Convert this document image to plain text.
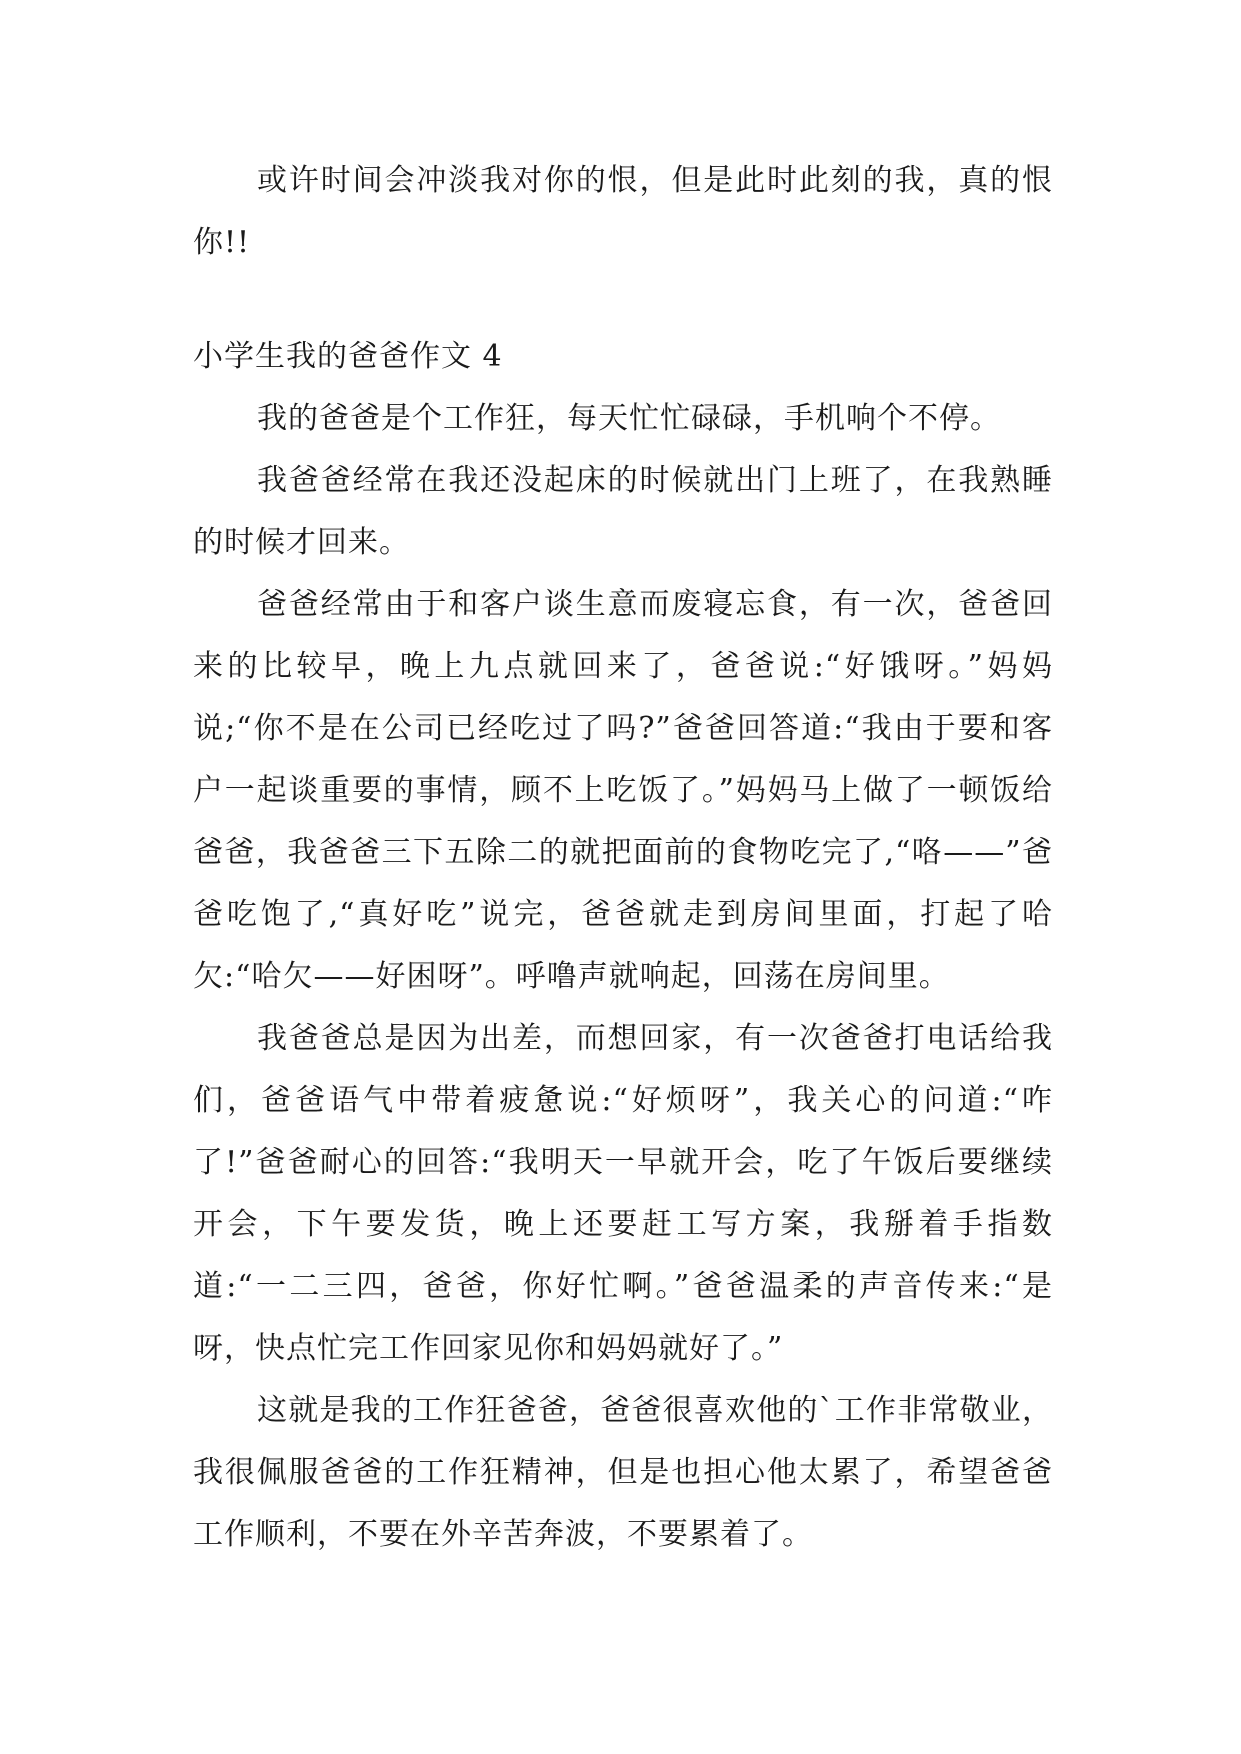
或许时间会冲淡我对你的恨，但是此时此刻的我，真的恨你!!

小学生我的爸爸作文 4

我的爸爸是个工作狂，每天忙忙碌碌，手机响个不停。

我爸爸经常在我还没起床的时候就出门上班了，在我熟睡的时候才回来。

爸爸经常由于和客户谈生意而废寝忘食，有一次，爸爸回来的比较早，晚上九点就回来了，爸爸说:“好饿呀。”妈妈说;“你不是在公司已经吃过了吗?”爸爸回答道:“我由于要和客户一起谈重要的事情，顾不上吃饭了。”妈妈马上做了一顿饭给爸爸，我爸爸三下五除二的就把面前的食物吃完了,“咯——”爸爸吃饱了,“真好吃”说完，爸爸就走到房间里面，打起了哈欠:“哈欠——好困呀”。呼噜声就响起，回荡在房间里。

我爸爸总是因为出差，而想回家，有一次爸爸打电话给我们，爸爸语气中带着疲惫说:“好烦呀”，我关心的问道:“咋了!”爸爸耐心的回答:“我明天一早就开会，吃了午饭后要继续开会，下午要发货，晚上还要赶工写方案，我掰着手指数道:“一二三四，爸爸，你好忙啊。”爸爸温柔的声音传来:“是呀，快点忙完工作回家见你和妈妈就好了。”

这就是我的工作狂爸爸，爸爸很喜欢他的`工作非常敬业，我很佩服爸爸的工作狂精神，但是也担心他太累了，希望爸爸工作顺利，不要在外辛苦奔波，不要累着了。
